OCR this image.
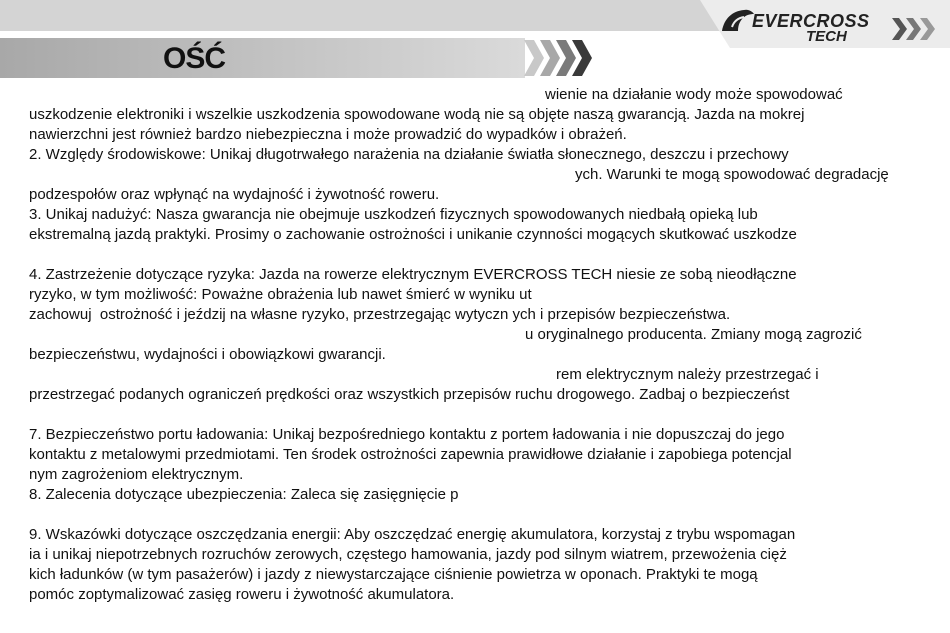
OŚĆ
EVERCROSS
TECH
wienie na działanie wody może spowodować
uszkodzenie elektroniki i wszelkie uszkodzenia spowodowane wodą nie są objęte naszą gwarancją. Jazda na mokrej
nawierzchni jest również bardzo niebezpieczna i może prowadzić do wypadków i obrażeń.
2. Względy środowiskowe: Unikaj długotrwałego narażenia na działanie światła słonecznego, deszczu i przechowy
ych. Warunki te mogą spowodować degradację
podzespołów oraz wpłynąć na wydajność i żywotność roweru.
3. Unikaj nadużyć: Nasza gwarancja nie obejmuje uszkodzeń fizycznych spowodowanych niedbałą opieką lub
ekstremalną jazdą praktyki. Prosimy o zachowanie ostrożności i unikanie czynności mogących skutkować uszkodze
4. Zastrzeżenie dotyczące ryzyka: Jazda na rowerze elektrycznym EVERCROSS TECH niesie ze sobą nieodłączne
ryzyko, w tym możliwość: Poważne obrażenia lub nawet śmierć w wyniku ut
zachowuj  ostrożność i jeździj na własne ryzyko, przestrzegając wytyczn ych i przepisów bezpieczeństwa.
u oryginalnego producenta. Zmiany mogą zagrozić
bezpieczeństwu, wydajności i obowiązkowi gwarancji.
rem elektrycznym należy przestrzegać i
przestrzegać podanych ograniczeń prędkości oraz wszystkich przepisów ruchu drogowego. Zadbaj o bezpieczeńst
7. Bezpieczeństwo portu ładowania: Unikaj bezpośredniego kontaktu z portem ładowania i nie dopuszczaj do jego
kontaktu z metalowymi przedmiotami. Ten środek ostrożności zapewnia prawidłowe działanie i zapobiega potencjal
nym zagrożeniom elektrycznym.
8. Zalecenia dotyczące ubezpieczenia: Zaleca się zasięgnięcie p
9. Wskazówki dotyczące oszczędzania energii: Aby oszczędzać energię akumulatora, korzystaj z trybu wspomagan
ia i unikaj niepotrzebnych rozruchów zerowych, częstego hamowania, jazdy pod silnym wiatrem, przewożenia cięż
kich ładunków (w tym pasażerów) i jazdy z niewystarczające ciśnienie powietrza w oponach. Praktyki te mogą
pomóc zoptymalizować zasięg roweru i żywotność akumulatora.
